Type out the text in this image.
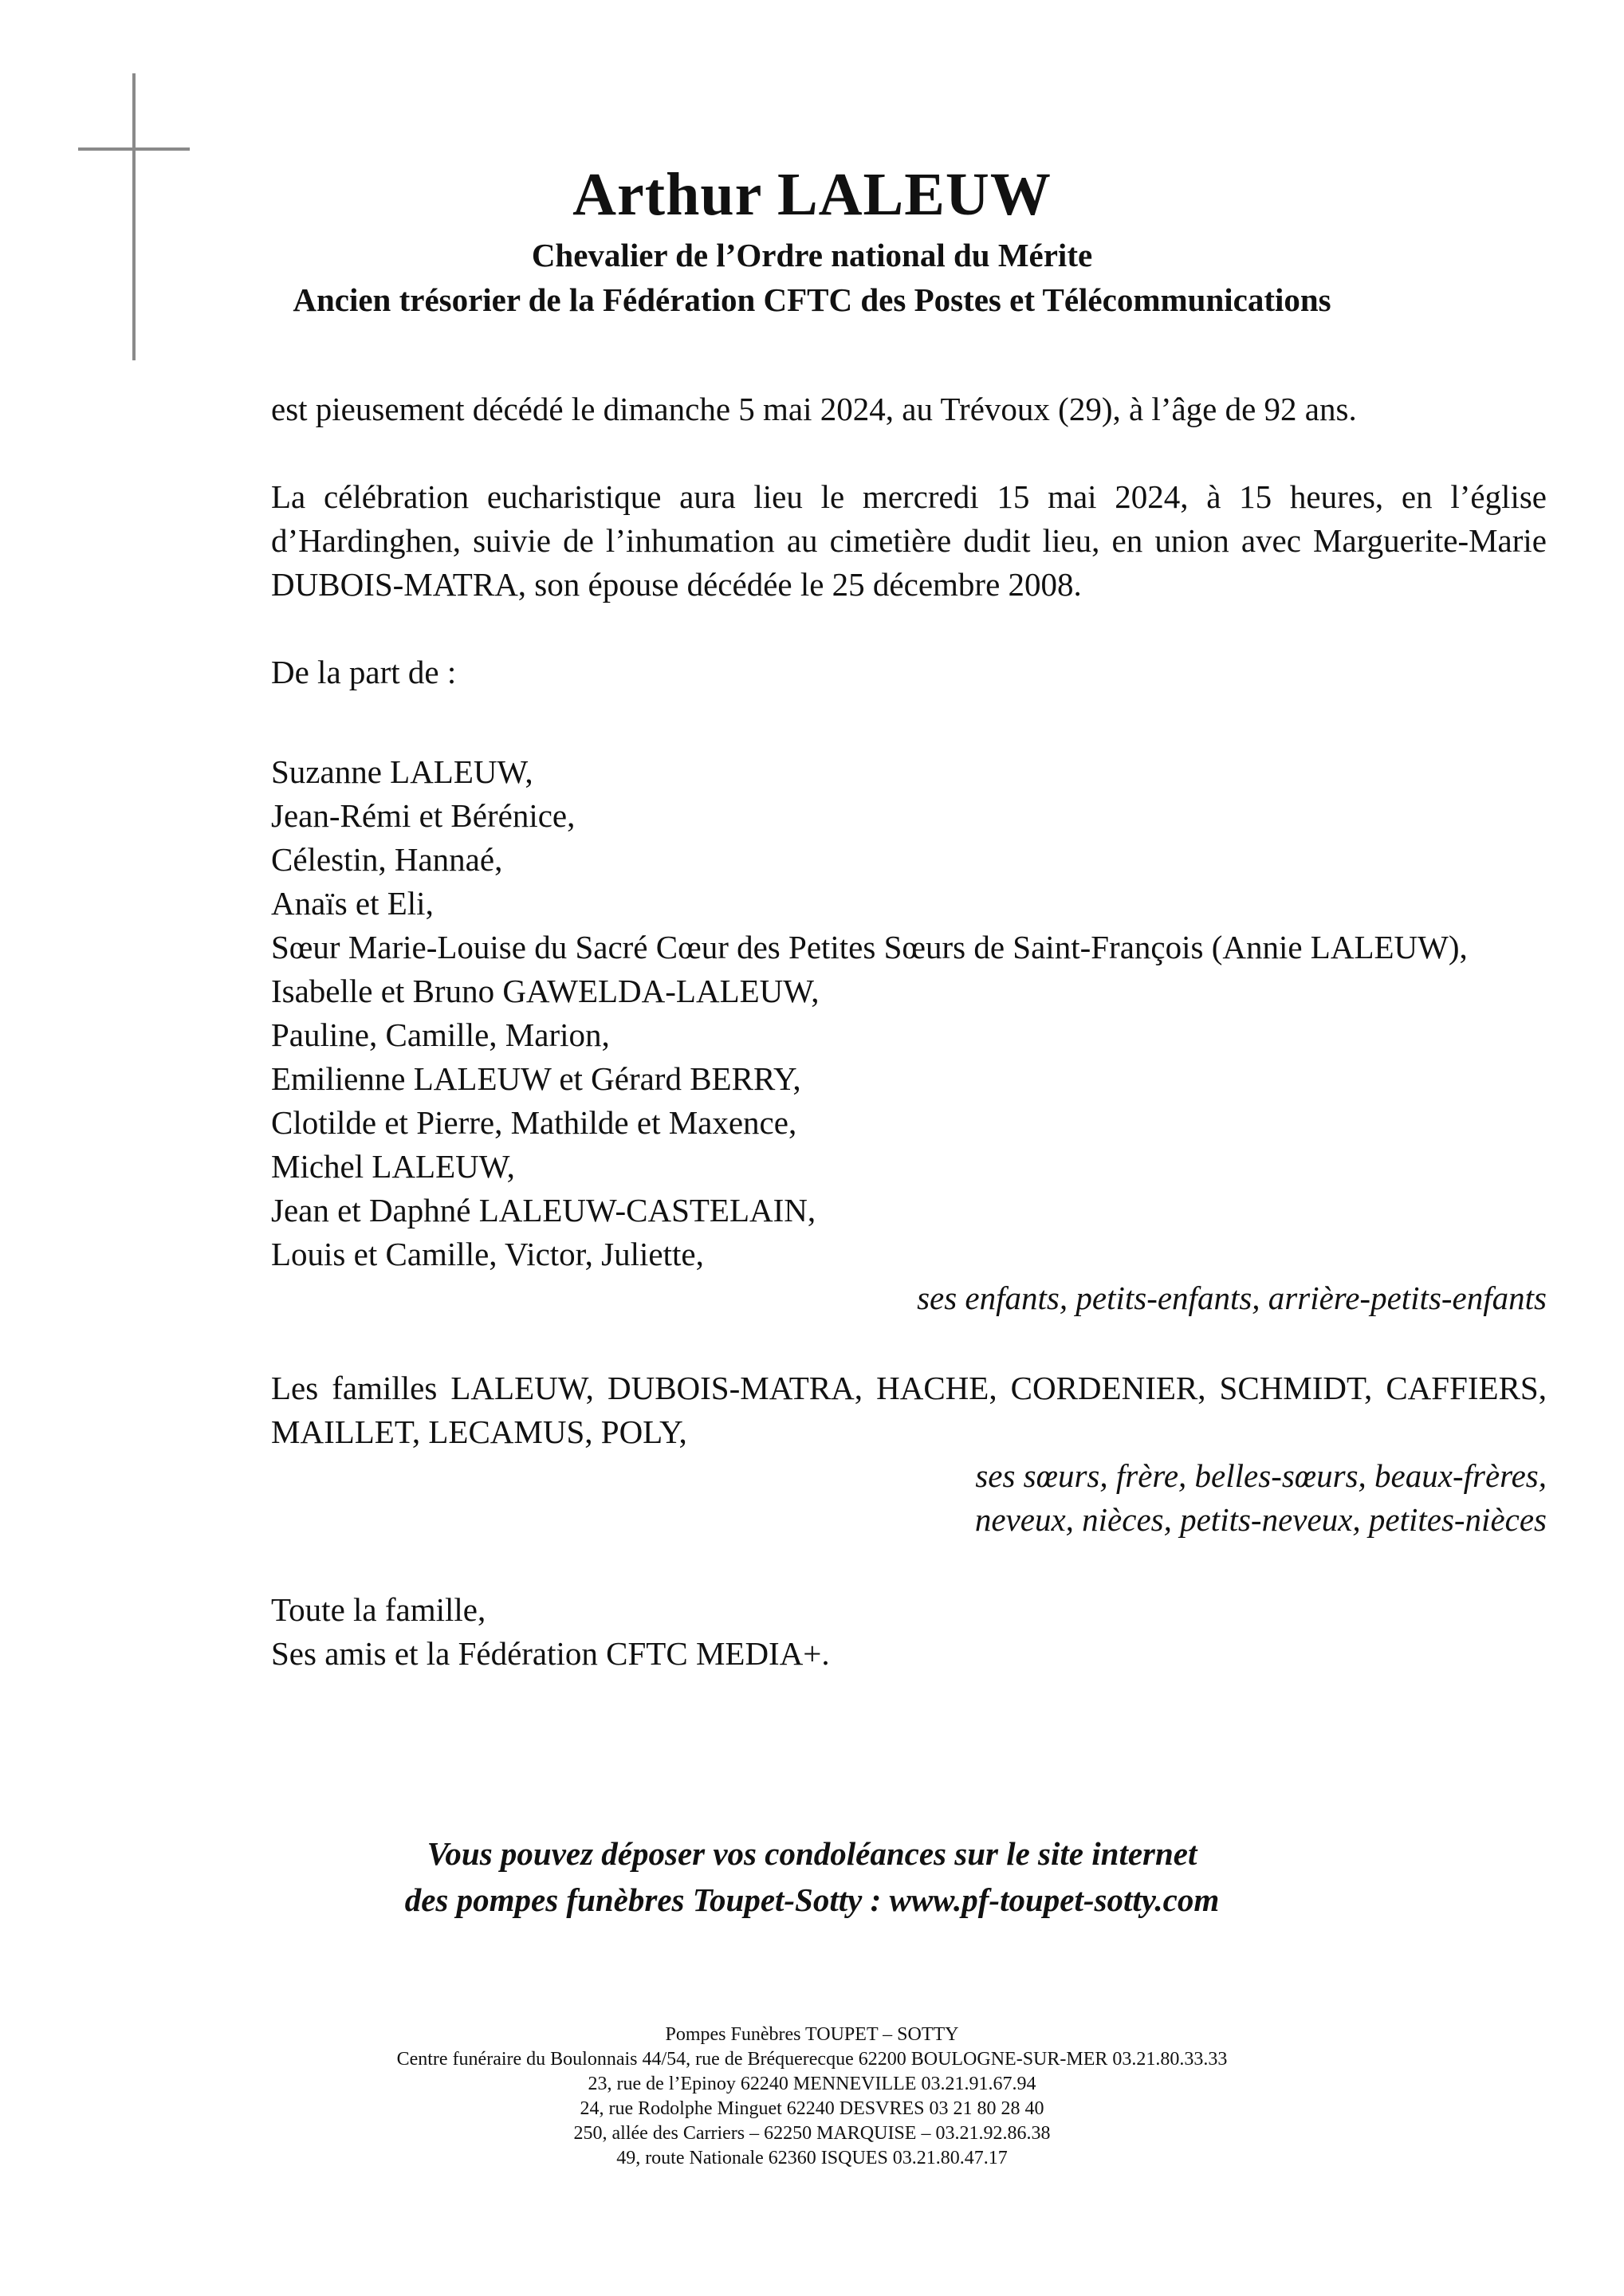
Arthur LALEUW
Chevalier de l’Ordre national du Mérite
Ancien trésorier de la Fédération CFTC des Postes et Télécommunications

est pieusement décédé le dimanche 5 mai 2024, au Trévoux (29), à l’âge de 92 ans.

La célébration eucharistique aura lieu le mercredi 15 mai 2024, à 15 heures, en l’église d’Hardinghen, suivie de l’inhumation au cimetière dudit lieu, en union avec Marguerite-Marie DUBOIS-MATRA, son épouse décédée le 25 décembre 2008.

De la part de :

Suzanne LALEUW,
Jean-Rémi et Bérénice,
Célestin, Hannaé,
Anaïs et Eli,
Sœur Marie-Louise du Sacré Cœur des Petites Sœurs de Saint-François (Annie LALEUW),
Isabelle et Bruno GAWELDA-LALEUW,
Pauline, Camille, Marion,
Emilienne LALEUW et Gérard BERRY,
Clotilde et Pierre, Mathilde et Maxence,
Michel LALEUW,
Jean et Daphné LALEUW-CASTELAIN,
Louis et Camille, Victor, Juliette,
ses enfants, petits-enfants, arrière-petits-enfants

Les familles LALEUW, DUBOIS-MATRA, HACHE, CORDENIER, SCHMIDT, CAFFIERS, MAILLET, LECAMUS, POLY,

ses sœurs, frère, belles-sœurs, beaux-frères,
neveux, nièces, petits-neveux, petites-nièces
Toute la famille,
Ses amis et la Fédération CFTC MEDIA+.
Vous pouvez déposer vos condoléances sur le site internet
des pompes funèbres Toupet-Sotty : www.pf-toupet-sotty.com
Pompes Funèbres TOUPET – SOTTY
Centre funéraire du Boulonnais 44/54, rue de Bréquerecque 62200 BOULOGNE-SUR-MER 03.21.80.33.33
23, rue de l’Epinoy 62240 MENNEVILLE 03.21.91.67.94
24, rue Rodolphe Minguet 62240 DESVRES 03 21 80 28 40
250, allée des Carriers – 62250 MARQUISE – 03.21.92.86.38
49, route Nationale 62360 ISQUES 03.21.80.47.17
